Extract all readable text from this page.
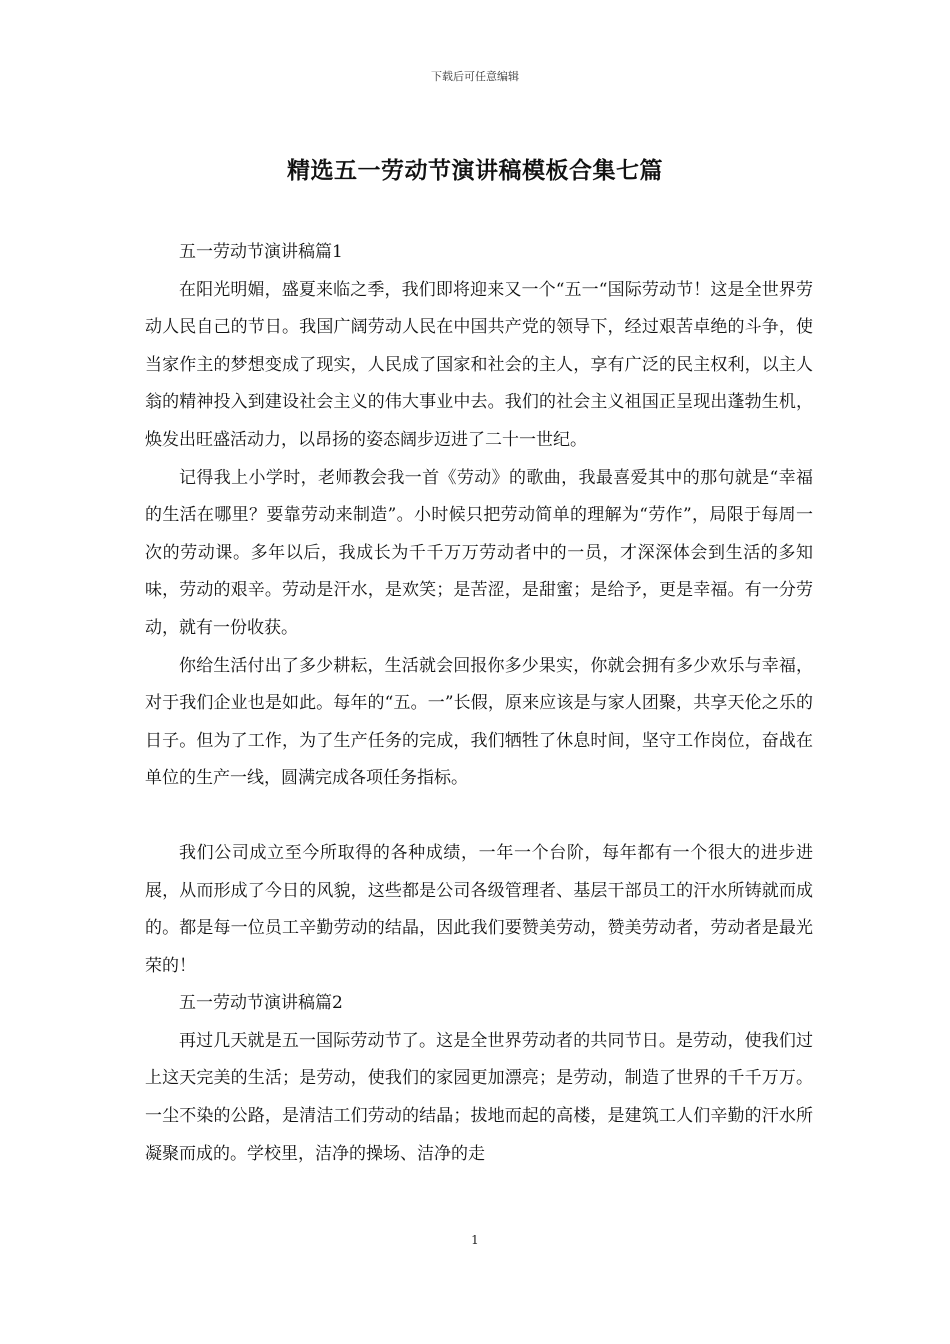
下载后可任意编辑
精选五一劳动节演讲稿模板合集七篇

五一劳动节演讲稿篇1

在阳光明媚，盛夏来临之季，我们即将迎来又一个“五一“国际劳动节！这是全世界劳动人民自己的节日。我国广阔劳动人民在中国共产党的领导下，经过艰苦卓绝的斗争，使当家作主的梦想变成了现实，人民成了国家和社会的主人，享有广泛的民主权利，以主人翁的精神投入到建设社会主义的伟大事业中去。我们的社会主义祖国正呈现出蓬勃生机，焕发出旺盛活动力，以昂扬的姿态阔步迈进了二十一世纪。

记得我上小学时，老师教会我一首《劳动》的歌曲，我最喜爱其中的那句就是“幸福的生活在哪里？要靠劳动来制造”。小时候只把劳动简单的理解为“劳作”，局限于每周一次的劳动课。多年以后，我成长为千千万万劳动者中的一员，才深深体会到生活的多知味，劳动的艰辛。劳动是汗水，是欢笑；是苦涩，是甜蜜；是给予，更是幸福。有一分劳动，就有一份收获。

你给生活付出了多少耕耘，生活就会回报你多少果实，你就会拥有多少欢乐与幸福，对于我们企业也是如此。每年的“五。一”长假，原来应该是与家人团聚，共享天伦之乐的日子。但为了工作，为了生产任务的完成，我们牺牲了休息时间，坚守工作岗位，奋战在单位的生产一线，圆满完成各项任务指标。

我们公司成立至今所取得的各种成绩，一年一个台阶，每年都有一个很大的进步进展，从而形成了今日的风貌，这些都是公司各级管理者、基层干部员工的汗水所铸就而成的。都是每一位员工辛勤劳动的结晶，因此我们要赞美劳动，赞美劳动者，劳动者是最光荣的！

五一劳动节演讲稿篇2

再过几天就是五一国际劳动节了。这是全世界劳动者的共同节日。是劳动，使我们过上这天完美的生活；是劳动，使我们的家园更加漂亮；是劳动，制造了世界的千千万万。一尘不染的公路，是清洁工们劳动的结晶；拔地而起的高楼，是建筑工人们辛勤的汗水所凝聚而成的。学校里，洁净的操场、洁净的走

1
